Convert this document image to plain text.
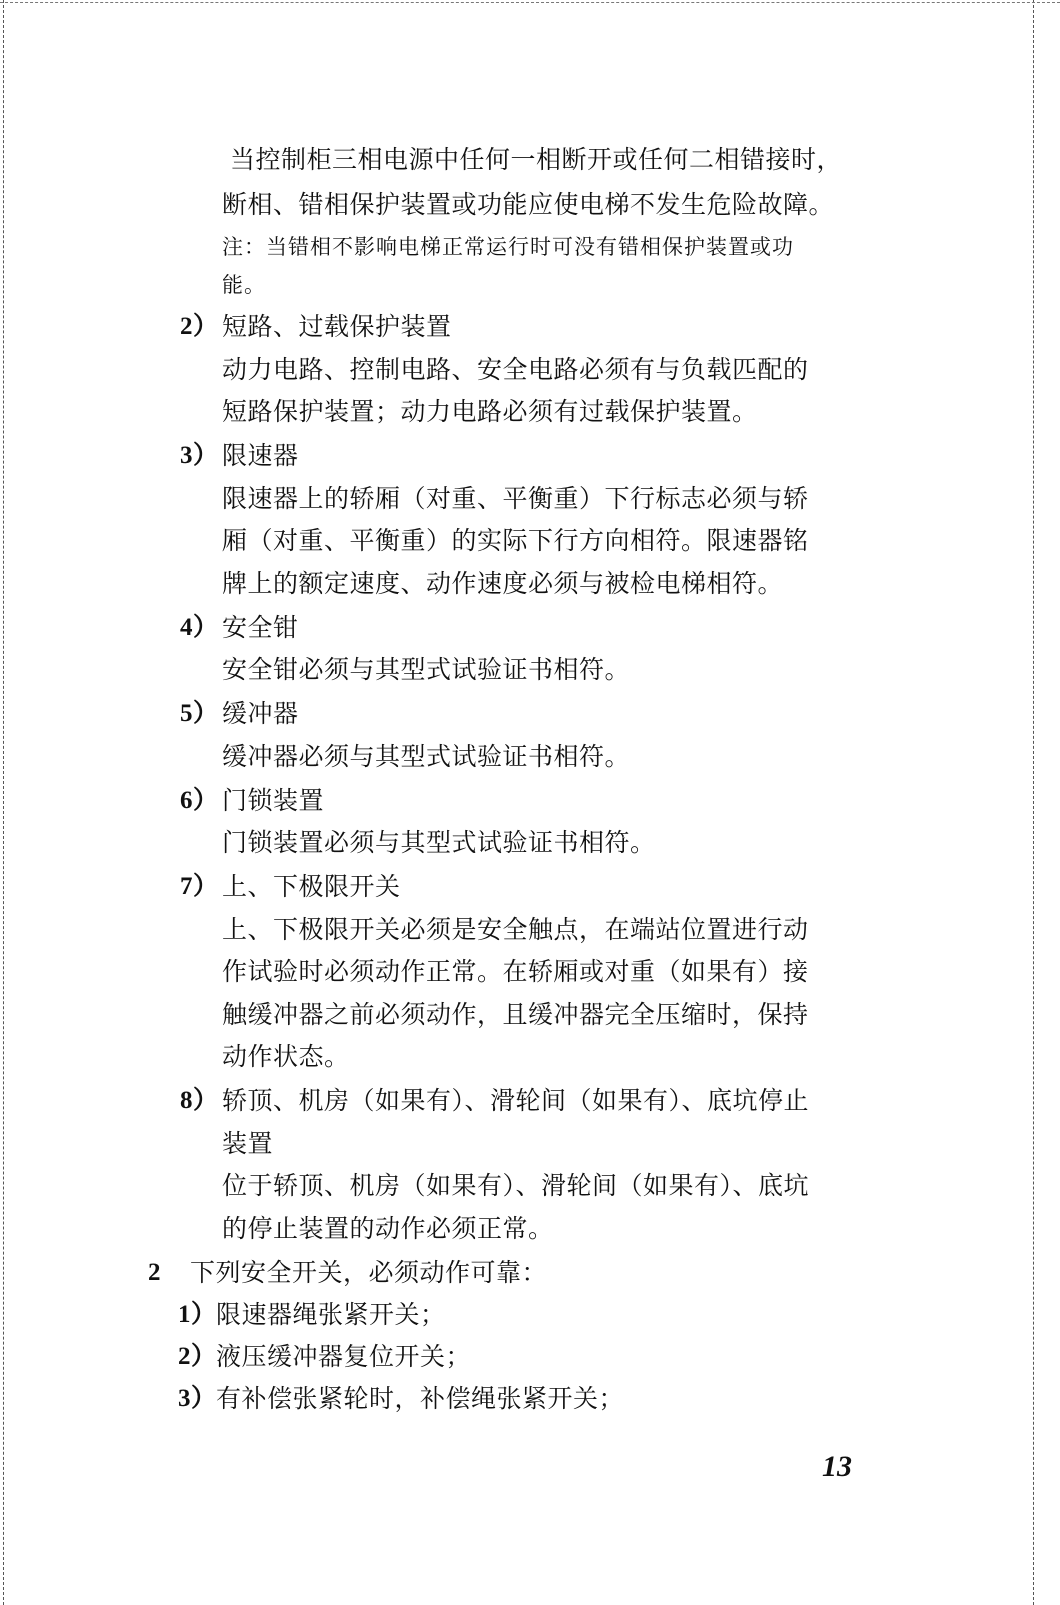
当控制柜三相电源中任何一相断开或任何二相错接时，
断相、错相保护装置或功能应使电梯不发生危险故障。
注：当错相不影响电梯正常运行时可没有错相保护装置或功
能。
2） 短路、过载保护装置
动力电路、控制电路、安全电路必须有与负载匹配的
短路保护装置；动力电路必须有过载保护装置。
3） 限速器
限速器上的轿厢（对重、平衡重）下行标志必须与轿
厢（对重、平衡重）的实际下行方向相符。限速器铭
牌上的额定速度、动作速度必须与被检电梯相符。
4） 安全钳
安全钳必须与其型式试验证书相符。
5） 缓冲器
缓冲器必须与其型式试验证书相符。
6） 门锁装置
门锁装置必须与其型式试验证书相符。
7） 上、下极限开关
上、下极限开关必须是安全触点，在端站位置进行动
作试验时必须动作正常。在轿厢或对重（如果有）接
触缓冲器之前必须动作，且缓冲器完全压缩时，保持
动作状态。
8） 轿顶、机房（如果有）、滑轮间（如果有）、底坑停止
装置
位于轿顶、机房（如果有）、滑轮间（如果有）、底坑
的停止装置的动作必须正常。
2 下列安全开关，必须动作可靠：
1） 限速器绳张紧开关；
2） 液压缓冲器复位开关；
3） 有补偿张紧轮时，补偿绳张紧开关；
13
